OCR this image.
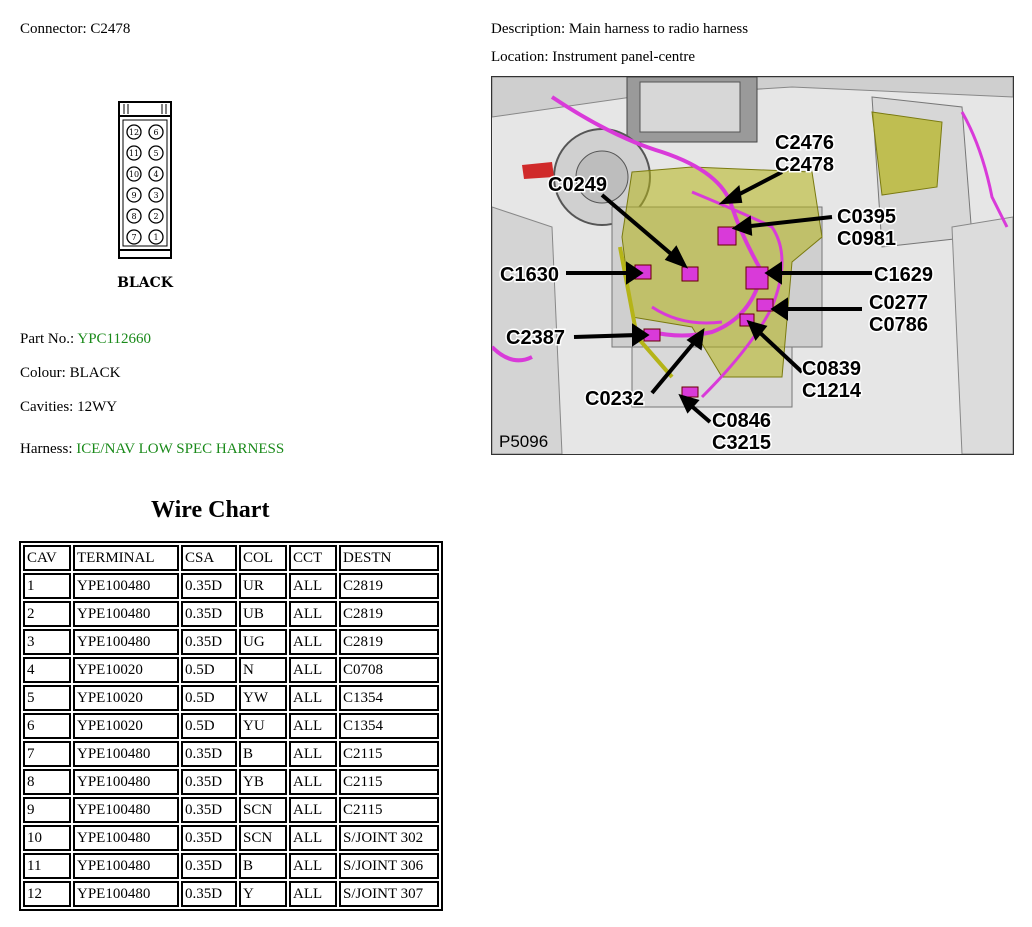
Connector: C2478	Description: Main harness to radio harness
Location: Instrument panel-centre
12 6
11 5
10 4
9 3
8 2
7 1
BLACK
Part No.: YPC112660
Colour: BLACK
Cavities: 12WY
Harness: ICE/NAV LOW SPEC HARNESS
Wire Chart
CAV	TERMINAL	CSA	COL	CCT	DESTN
1	YPE100480	0.35D	UR	ALL	C2819
2	YPE100480	0.35D	UB	ALL	C2819
3	YPE100480	0.35D	UG	ALL	C2819
4	YPE10020	0.5D	N	ALL	C0708
5	YPE10020	0.5D	YW	ALL	C1354
6	YPE10020	0.5D	YU	ALL	C1354
7	YPE100480	0.35D	B	ALL	C2115
8	YPE100480	0.35D	YB	ALL	C2115
9	YPE100480	0.35D	SCN	ALL	C2115
10	YPE100480	0.35D	SCN	ALL	S/JOINT 302
11	YPE100480	0.35D	B	ALL	S/JOINT 306
12	YPE100480	0.35D	Y	ALL	S/JOINT 307
C2476
C2478
C0249
C0395
C0981
C1630	C1629
C0277
C0786
C2387
C0839
C1214
C0232
C0846
C3215
P5096
